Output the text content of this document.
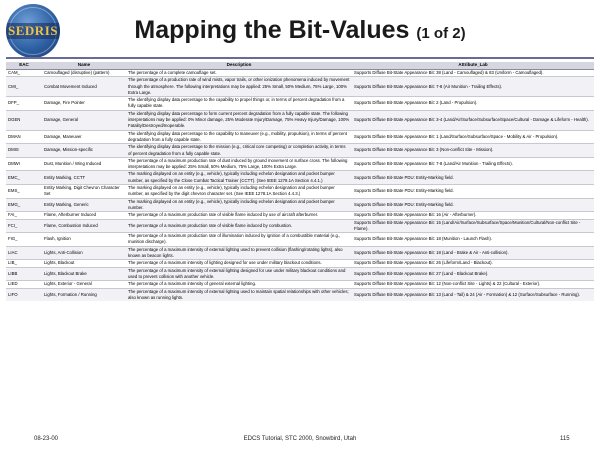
SEDRIS	Mapping the Bit-Values (1 of 2)
EAC	Name	Description	Attribute_Lab
CAM_	Camouflaged (disruptive) (pattern)	The percentage of a complete camouflage set.	Supports Diffuse Bit-State Appearance Bit: 38 (Land - Camouflaged) & 83 (Uniform - Camouflaged).
CMI_	Combat Movement Induced	The percentage of a production rate of wind mists, vapor trails, or other ionization phenomena induced by movement through the atmosphere. The following interpretations may be applied: 25% Small, 50% Medium, 75% Large, 100% Extra Large.	Supports Diffuse Bit-State Appearance Bit: 7-8 (Air Munition - Trailing Effects).
DFP_	Damage, Fire Pointer	The identifying display data percentage to the capability to propel things or, in terms of percent degradation from a fully capable state.	Supports Diffuse Bit-State Appearance Bit: 2 (Land - Propulsion).
DGEN	Damage, General	The identifying display data percentage to form current percent degradation from a fully capable state. The following interpretations may be applied: 0% Minor damage, 25% Moderate Injury/Damage, 75% Heavy Injury/Damage, 100% Fatality/Destroyed/Inoperable.	Supports Diffuse Bit-State Appearance Bit: 3-4 (Land/Air/Surface/Subsurface/Space/Cultural - Damage & Lifeform - Health).
DMAN	Damage, Maneuver	The identifying display data percentage to the capability to maneuver (e.g., mobility, propulsion), in terms of percent degradation from a fully capable state.	Supports Diffuse Bit-State Appearance Bit: 1 (Land/Surface/Subsurface/Space - Mobility & Air - Propulsion).
DMIS	Damage, Mission-specific	The identifying display data percentage to the mission (e.g., critical core competing) or completion activity, in terms of percent degradation from a fully capable state.	Supports Diffuse Bit-State Appearance Bit: 3 (Non-conflict Site - Mission).
DMWI	Dust, Munition / Wing Induced	The percentage of a maximum production rate of dust induced by ground movement or surface cross. The following interpretations may be applied: 25% Small, 50% Medium, 75% Large, 100% Extra Large.	Supports Diffuse Bit-State Appearance Bit: 7-8 (Land/Air Munition - Trailing Effects).
EMC_	Entity Marking, CCTT	The marking displayed on an entity (e.g., vehicle), typically including echelon designation and pocket bumper number, as specified by the Close Combat Tactical Trainer (CCTT). (See IEEE 1278.1A Section 4.4.1.)	Supports Diffuse Bit-State PDU: Entity-Marking field.
EMS_	Entity Marking, Digit Chevron Character Set	The marking displayed on an entity (e.g., vehicle), typically including echelon designation and pocket bumper number, as specified by the digit chevron character set. (See IEEE 1278.1A Section 4.4.3.)	Supports Diffuse Bit-State PDU: Entity-Marking field.
EMG_	Entity Marking, Generic	The marking displayed on an entity (e.g., vehicle), typically including echelon designation and pocket bumper number.	Supports Diffuse Bit-State PDU: Entity-Marking field.
FAI_	Flame, Afterburner Induced	The percentage of a maximum production rate of visible flame induced by use of aircraft afterburner.	Supports Diffuse Bit-State Appearance Bit: 16 (Air - Afterburner).
FCI_	Flame, Combustion Induced	The percentage of a maximum production rate of visible flame induced by combustion.	Supports Diffuse Bit-State Appearance Bit: 15 (Land/Air/Surface/Subsurface/Space/Munition/Cultural/Non-conflict Site - Flame).
FIG_	Flash, Ignition	The percentage of a maximum production rate of illumination induced by ignition of a combustible material (e.g., munition discharge).	Supports Diffuse Bit-State Appearance Bit: 18 (Munition - Launch Flash).
LIAC	Lights, Anti-Collision	The percentage of a maximum intensity of external lighting used to prevent collision (flashing/rotating lights), also known as beacon lights.	Supports Diffuse Bit-State Appearance Bit: 18 (Land - Brake & Air - Anti-collision).
LIB_	Lights, Blackout	The percentage of a maximum intensity of lighting designed for use under military blackout conditions.	Supports Diffuse Bit-State Appearance Bit: 26 (Lifeform/Land - Blackout).
LIBB	Lights, Blackout Brake	The percentage of a maximum intensity of external lighting designed for use under military blackout conditions and used to prevent collision with another vehicle.	Supports Diffuse Bit-State Appearance Bit: 27 (Land - Blackout Brake).
LIED	Lights, Exterior - General	The percentage of a maximum intensity of general external lighting.	Supports Diffuse Bit-State Appearance Bit: 12 (Non-conflict Site - Lights) & 22 (Cultural - Exterior).
LIFO	Lights, Formation / Running	The percentage of a maximum intensity of external lighting used to maintain spatial relationships with other vehicles; also known as running lights.	Supports Diffuse Bit-State Appearance Bit: 13 (Land - Tail) & 24 (Air - Formation) & 12 (Surface/Subsurface - Running).
08-23-00	EDCS Tutorial, STC 2000, Snowbird, Utah	115
